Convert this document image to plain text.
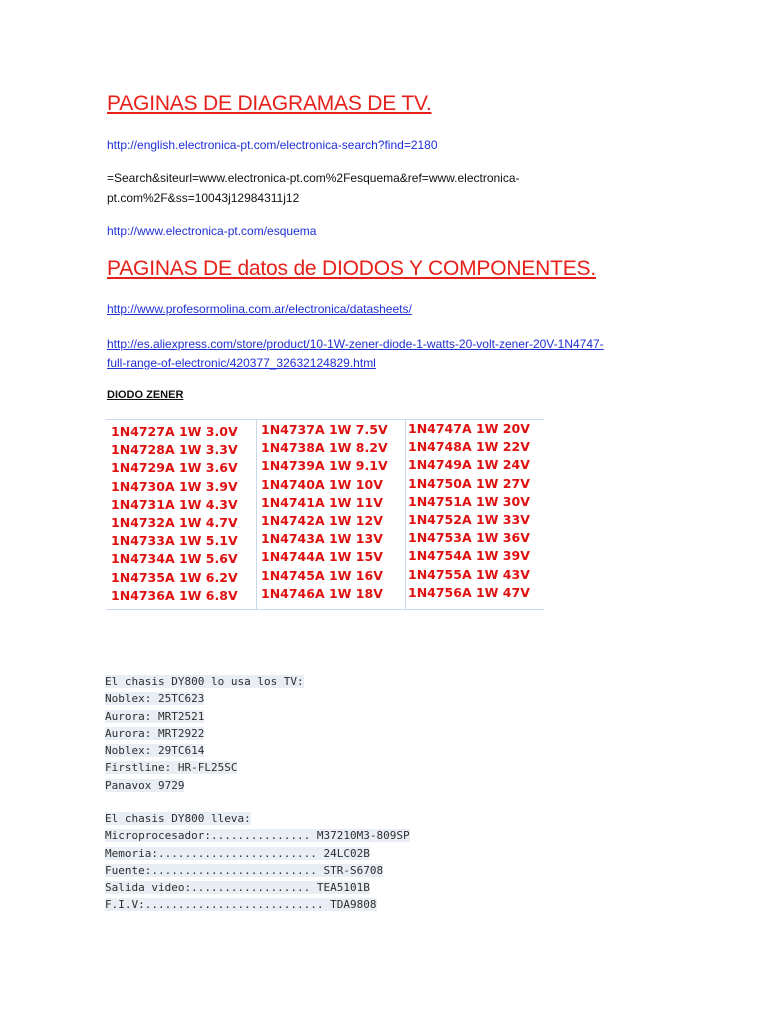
PAGINAS DE DIAGRAMAS DE TV.
http://english.electronica-pt.com/electronica-search?find=2180
=Search&siteurl=www.electronica-pt.com%2Fesquema&ref=www.electronica-
pt.com%2F&ss=10043j12984311j12
http://www.electronica-pt.com/esquema
PAGINAS DE datos de DIODOS Y COMPONENTES.
http://www.profesormolina.com.ar/electronica/datasheets/
http://es.aliexpress.com/store/product/10-1W-zener-diode-1-watts-20-volt-zener-20V-1N4747-
full-range-of-electronic/420377_32632124829.html
DIODO ZENER
1N4727A 1W 3.0V
1N4728A 1W 3.3V
1N4729A 1W 3.6V
1N4730A 1W 3.9V
1N4731A 1W 4.3V
1N4732A 1W 4.7V
1N4733A 1W 5.1V
1N4734A 1W 5.6V
1N4735A 1W 6.2V
1N4736A 1W 6.8V
1N4737A 1W 7.5V
1N4738A 1W 8.2V
1N4739A 1W 9.1V
1N4740A 1W 10V
1N4741A 1W 11V
1N4742A 1W 12V
1N4743A 1W 13V
1N4744A 1W 15V
1N4745A 1W 16V
1N4746A 1W 18V
1N4747A 1W 20V
1N4748A 1W 22V
1N4749A 1W 24V
1N4750A 1W 27V
1N4751A 1W 30V
1N4752A 1W 33V
1N4753A 1W 36V
1N4754A 1W 39V
1N4755A 1W 43V
1N4756A 1W 47V
El chasis DY800 lo usa los TV:
Noblex: 25TC623
Aurora: MRT2521
Aurora: MRT2922
Noblex: 29TC614
Firstline: HR-FL25SC
Panavox 9729
El chasis DY800 lleva:
Microprocesador:............... M37210M3-809SP
Memoria:........................ 24LC02B
Fuente:......................... STR-S6708
Salida video:.................. TEA5101B
F.I.V:........................... TDA9808
